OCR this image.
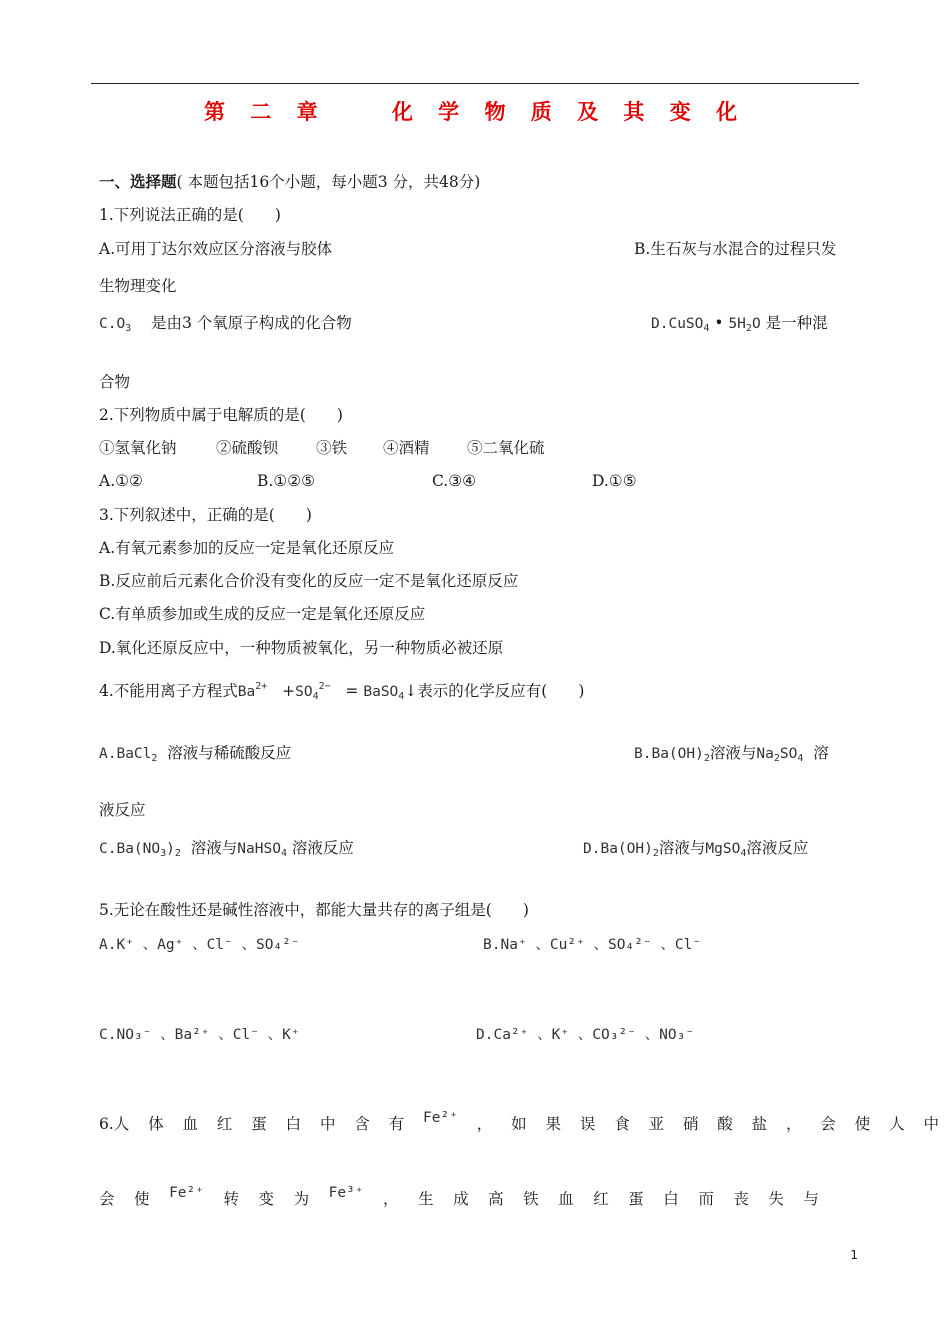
第 二 章    化 学 物 质 及 其 变 化
一、选择题( 本题包括16个小题，每小题3 分，共48分)
1.下列说法正确的是(　　)
A.可用丁达尔效应区分溶液与胶体	B.生石灰与水混合的过程只发
生物理变化
$C.O_3$ 是由3 个氧原子构成的化合物	D.CuSO$_4$ • $5H_2O$ 是一种混
合物
2.下列物质中属于电解质的是(　　)
①氢氧化钠	②硫酸钡 ③铁 ④酒精 ⑤二氧化硫
A.①②	B.①②⑤	C.③④	D.①⑤
3.下列叙述中，正确的是(　　)
A.有氧元素参加的反应一定是氧化还原反应
B.反应前后元素化合价没有变化的反应一定不是氧化还原反应
C.有单质参加或生成的反应一定是氧化还原反应
D.氧化还原反应中，一种物质被氧化，另一种物质必被还原
4.不能用离子方程式$Ba^{2+} +SO_4^{2-}$ = BaSO$_4$↓表示的化学反应有(　　)
A.BaCl$_2$ 溶液与稀硫酸反应	$B.Ba(OH)_2$溶液与$Na_2SO_4$ 溶
液反应
$C.Ba(NO_3)_2$ 溶液与NaHSO$_4$ 溶液反应	$D.Ba(OH)_2$溶液与MgSO$_4$溶液反应
5.无论在酸性还是碱性溶液中，都能大量共存的离子组是(　　)
A.K⁺ 、Ag⁺ 、Cl⁻ 、SO₄²⁻	B.Na⁺ 、Cu²⁺ 、SO₄²⁻ 、Cl⁻
C.NO₃⁻ 、Ba²⁺ 、Cl⁻ 、K⁺	D.Ca²⁺ 、K⁺ 、CO₃²⁻ 、NO₃⁻
6.人 体 血 红 蛋 白 中 含 有 Fe²⁺ ， 如 果 误 食 亚 硝 酸 盐 ， 会 使 人 中
会 使 Fe²⁺ 转 变 为 Fe³⁺ ， 生 成 高 铁 血 红 蛋 白 而 丧 失 与
1
